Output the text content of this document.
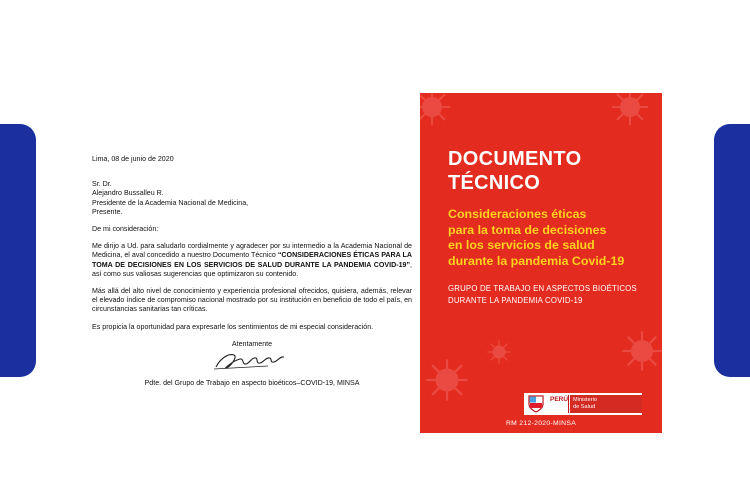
Lima, 08 de junio de 2020

Sr. Dr.

Alejandro Bussalleu R.

Presidente de la Academia Nacional de Medicina,

Presente.

De mi consideración:

Me dirijo a Ud. para saludarlo cordialmente y agradecer por su intermedio a la Academia Nacional de Medicina, el aval concedido a nuestro Documento Técnico “CONSIDERACIONES ÉTICAS PARA LA TOMA DE DECISIONES EN LOS SERVICIOS DE SALUD DURANTE LA PANDEMIA COVID-19”, así como sus valiosas sugerencias que optimizaron su contenido.

Más allá del alto nivel de conocimiento y experiencia profesional ofrecidos, quisiera, además, relevar el elevado índice de compromiso nacional mostrado por su institución en beneficio de todo el país, en circunstancias sanitarias tan críticas.

Es propicia la oportunidad para expresarle los sentimientos de mi especial consideración.

Atentamente

Pdte. del Grupo de Trabajo en aspecto bioéticos–COVID-19, MINSA

DOCUMENTO
TÉCNICO
Consideraciones éticas
para la toma de decisiones
en los servicios de salud
durante la pandemia Covid-19
GRUPO DE TRABAJO EN ASPECTOS BIOÉTICOS
DURANTE LA PANDEMIA COVID-19
PERÚ Ministerio
de Salud
RM 212-2020-MINSA
